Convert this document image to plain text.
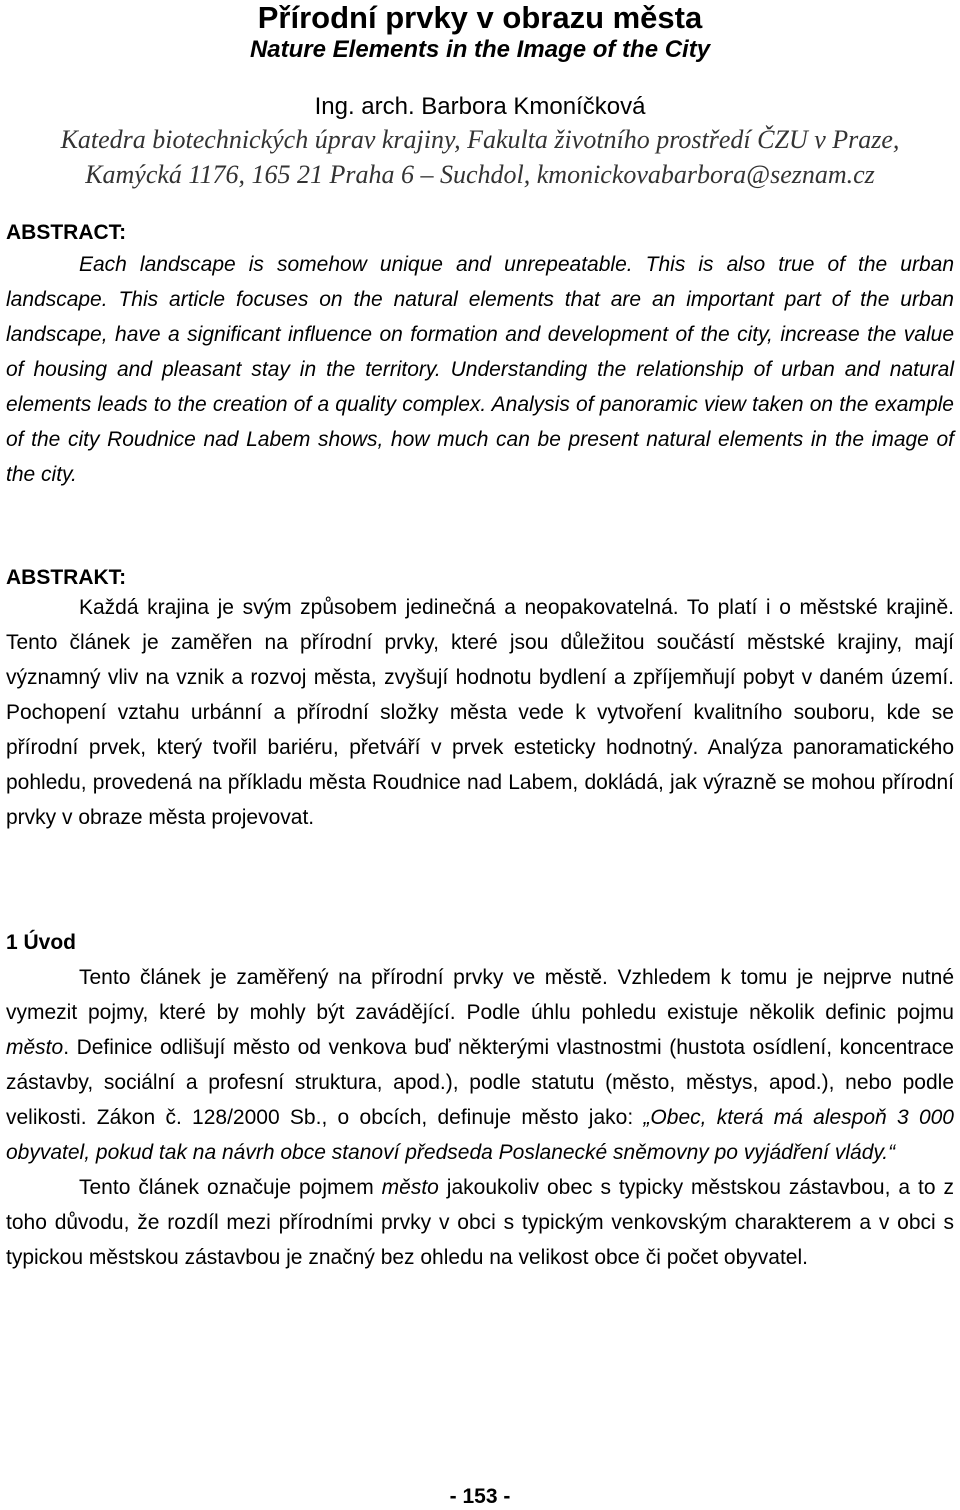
Přírodní prvky v obrazu města
Nature Elements in the Image of the City
Ing. arch. Barbora Kmoníčková
Katedra biotechnických úprav krajiny, Fakulta životního prostředí ČZU v Praze,
Kamýcká 1176, 165 21 Praha 6 – Suchdol, kmonickovabarbora@seznam.cz
ABSTRACT:

Each landscape is somehow unique and unrepeatable. This is also true of the urban landscape. This article focuses on the natural elements that are an important part of the urban landscape, have a significant influence on formation and development of the city, increase the value of housing and pleasant stay in the territory. Understanding the relationship of urban and natural elements leads to the creation of a quality complex. Analysis of panoramic view taken on the example of the city Roudnice nad Labem shows, how much can be present natural elements in the image of the city.

ABSTRAKT:

Každá krajina je svým způsobem jedinečná a neopakovatelná. To platí i o městské krajině. Tento článek je zaměřen na přírodní prvky, které jsou důležitou součástí městské krajiny, mají významný vliv na vznik a rozvoj města, zvyšují hodnotu bydlení a zpříjemňují pobyt v daném území. Pochopení vztahu urbánní a přírodní složky města vede k vytvoření kvalitního souboru, kde se přírodní prvek, který tvořil bariéru, přetváří v prvek esteticky hodnotný. Analýza panoramatického pohledu, provedená na příkladu města Roudnice nad Labem, dokládá, jak výrazně se mohou přírodní prvky v obraze města projevovat.

1 Úvod

Tento článek je zaměřený na přírodní prvky ve městě. Vzhledem k tomu je nejprve nutné vymezit pojmy, které by mohly být zavádějící. Podle úhlu pohledu existuje několik definic pojmu město. Definice odlišují město od venkova buď některými vlastnostmi (hustota osídlení, koncentrace zástavby, sociální a profesní struktura, apod.), podle statutu (město, městys, apod.), nebo podle velikosti. Zákon č. 128/2000 Sb., o obcích, definuje město jako: „Obec, která má alespoň 3 000 obyvatel, pokud tak na návrh obce stanoví předseda Poslanecké sněmovny po vyjádření vlády.“

Tento článek označuje pojmem město jakoukoliv obec s typicky městskou zástavbou, a to z toho důvodu, že rozdíl mezi přírodními prvky v obci s typickým venkovským charakterem a v obci s typickou městskou zástavbou je značný bez ohledu na velikost obce či počet obyvatel.

- 153 -
